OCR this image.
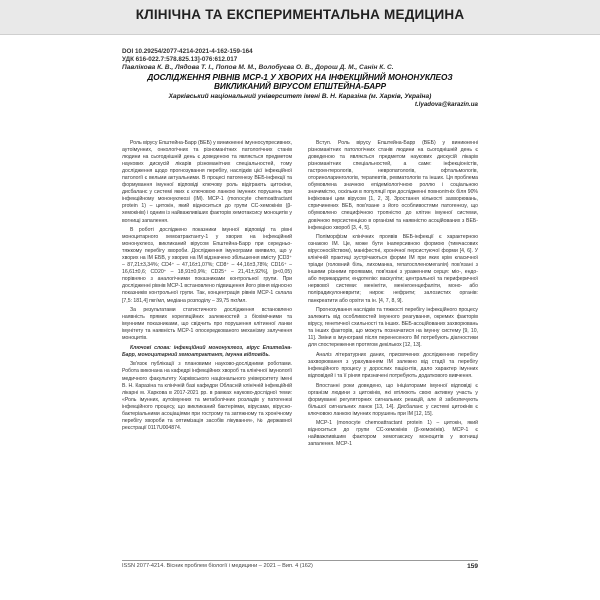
КЛІНІЧНА ТА ЕКСПЕРИМЕНТАЛЬНА МЕДИЦИНА
DOI 10.29254/2077-4214-2021-4-162-159-164
УДК 616-022.7:578.825.13]-076:612.017
Павлікова К. В., Лядова Т. І., Попов М. М., Волобуєва О. В., Дорош Д. М., Санін К. С.
ДОСЛІДЖЕННЯ РІВНІВ MCP-1 У ХВОРИХ НА ІНФЕКЦІЙНИЙ МОНОНУКЛЕОЗ ВИКЛИКАНИЙ ВІРУСОМ ЕПШТЕЙНА-БАРР
Харківський національний університет імені В. Н. Каразіна (м. Харків, Україна)
t.lyadova@karazin.ua

Роль вірусу Епштейна-Барр (ВЕБ) у виникненні імунносупресивних, аутоімунних, онкологічних та різноманітних патологічних станів людини на сьогоднішній день є доведеною та являється предметом наукових дискусій лікарів різноманітних спеціальностей, тому дослідження щодо прогнозування перебігу, наслідків цієї інфекційної патології є вельми актуальними. В процесі патогенезу ВЕБ-інфекції та формування імунної відповіді ключову роль відіграють цитокіни, дисбаланс у системі яких є ключовою ланкою імунних порушень при інфекційному мононуклеозі (ІМ). MCP-1 (monocyte chemoattractant protein 1) – цитокін, який відноситься до групи CC-хемокінів (β-хемокінів) і одним із найважливіших факторів хемотаксису моноцитів у вогнищі запалення.

В роботі досліджено показники імунної відповіді та рівні моноцитарного хемоатрактанту-1 у хворих на інфекційний мононуклеоз, викликаний вірусом Епштейна-Барр при середньо-тяжкому перебігу хвороби. Дослідження імунограми виявило, що у хворих на ІМ ЕБВ, у хворих на ІМ відзначено збільшення вмісту [CD3⁺ – 87,21±3,34%; CD4⁺ – 47,16±1,07%; CD8⁺ – 44,16±3,78%; CD16⁺ – 16,61±0,6; CD20⁺ – 18,91±0,9%; CD25⁺ – 21,41±,92%], (p<0,05) порівняно з аналогічними показниками контрольної групи. При дослідженні рівнів MCP-1 встановлено підвищення його рівня відносно показників контрольної групи. Так, концентрація рівнів MCP-1 склала [7,5: 181,4] пкг/мл, медіана розподілу – 39,75 пкг/мл.

За результатами статистичного дослідження встановлено наявність прямих кореляційних залежностей з біохімічними та імунними показниками, що свідчить про порушення клітинної ланки імунітету та наявність MCP-1 опосередкованого механізму залучення моноцитів.

Ключові слова: інфекційний мононуклеоз, вірус Епштейна-Барр, моноцитарний хемоатрактант, імунна відповідь.

Зв'язок публікації з плановими науково-дослідними роботами. Робота виконана на кафедрі інфекційних хвороб та клінічної імунології медичного факультету Харківського національного університету імені В. Н. Каразіна та клінічній базі кафедри Обласній клінічній інфекційній лікарні м. Харкова в 2017-2021 рр. в рамках науково-дослідної теми: «Роль імунних, аутоімунних та метаболічних розладів у патогенезі інфекційного процесу, що викликаний бактеріями, вірусами, вірусно-бактеріальними асоціаціями при гострому та затяжному та хронічному перебігу хвороби та оптимізація засобів лікування», № державної реєстрації 0117U004874.

Вступ. Роль вірусу Епштейна-Барр (ВЕБ) у виникненні різноманітних патологічних станів людини на сьогоднішній день є доведеною та являється предметом наукових дискусій лікарів різноманітних спеціальностей, а саме: інфекціоністів, гастроентерологів, невропатологів, офтальмологів, оториноларингологів, терапевтів, ревматологів та інших. Ця проблема обумовлена значною епідеміологічною роллю і соціальною значимістю, оскільки в популяції при дослідженні повнолітніх біля 90% інфіковані цим вірусом [1, 2, 3]. Зростання кількості захворювань, спричинених ВЕБ, пов'язане з його особливостями патогенезу, що обумовлено специфічною тропністю до клітин імунної системи, довічною персистенцією в організмі та наявністю асоційованих з ВЕБ-інфекцією хвороб [3, 4, 5].

Поліморфізм клінічних проявів ВЕБ-інфекції є характерною ознакою ІМ. Це, може бути інаперсивною формою (тимчасових вірусоносійством), маніфестні, хронічної персистуючої форми [4, 6]. У клінічній практиці зустрічаються форми ІМ при яких крім класичної тріади (головний біль, лихоманка, гепатоспленомегалія) пов'язані з іншими різними проявами, пов'язані з ураженням серця: міо-, ендо- або перикардити; ендотелію: васкуліти; центральної та периферичної нервової системи: менінгіти, менінгоенцефаліти, моно- або полірадикулоневрити; нирок: нефрити; залозистих органів: панкреатити або орхіти та ін. [4, 7, 8, 9].

Прогнозування наслідків та тяжкості перебігу інфекційного процесу залежить від особливостей імунного реагування, окремих факторів вірусу, генетичної схильності та інших. ВЕБ-асоційованих захворювань та інших факторів, що можуть позначатися на імунну систему [9, 10, 11]. Зміни в імунограмі після перенесеного ІМ потребують діагностики для спостереження протягом декількох [12, 13].

Аналіз літературних даних, присвячених дослідженню перебігу захворювання з урахуванням ІМ залежно від стадії та перебігу інфекційного процесу у дорослих пацієнтів, дало характер імунних відповідей і та її ріняя призначені потребують додаткового вивчення.

Впостанні роки доведено, що ініціаторами імунної відповіді є організм людини з цитокінів, які втілюють свою активну участь у формуванні регуляторних сигнальних реакцій, але й забезпечують більшої сигнальних ланок [13, 14]. Дисбаланс у системі цитокінів є ключовою ланкою імунних порушень при ІМ [12, 15].

MCP-1 (monocyte chemoattractant protein 1) – цитокін, який відноситься до групи CC-хемокінів (β-хемокінів). MCP-1 є найважливішим фактором хемотаксису моноцитів у вогнищі запалення. MCP-1

ISSN 2077-4214. Вісник проблем біології і медицини – 2021 – Вип. 4 (162)	159
